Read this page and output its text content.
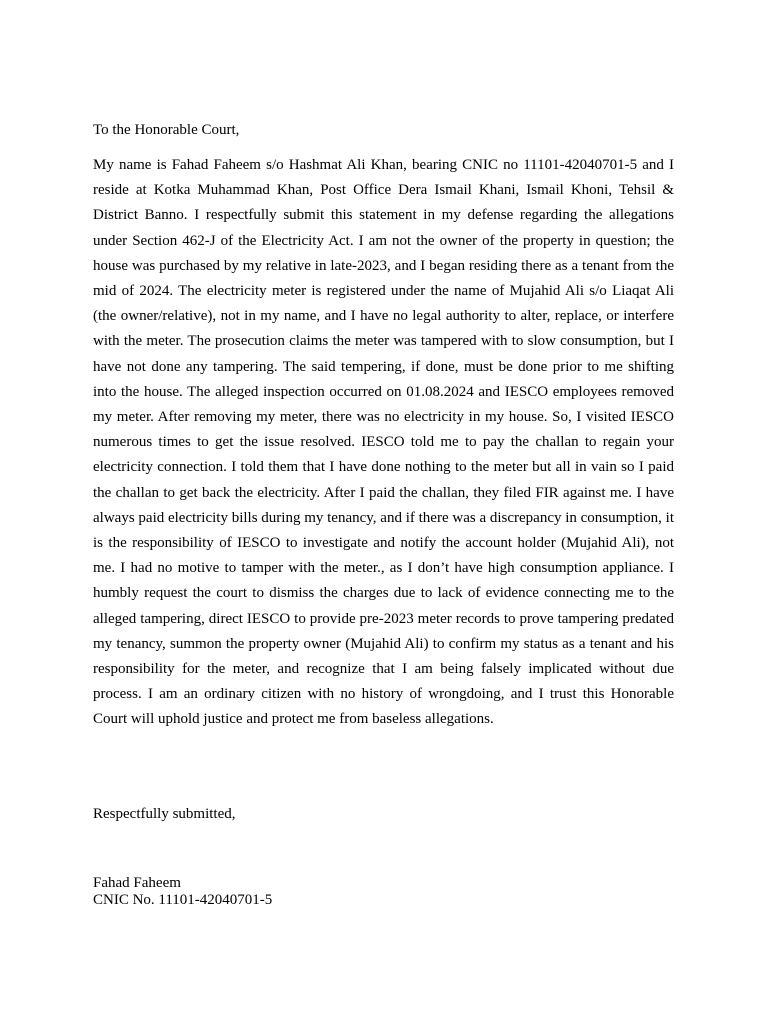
To the Honorable Court,

My name is Fahad Faheem s/o Hashmat Ali Khan, bearing CNIC no 11101-42040701-5 and I reside at Kotka Muhammad Khan, Post Office Dera Ismail Khani, Ismail Khoni, Tehsil & District Banno. I respectfully submit this statement in my defense regarding the allegations under Section 462-J of the Electricity Act. I am not the owner of the property in question; the house was purchased by my relative in late-2023, and I began residing there as a tenant from the mid of 2024. The electricity meter is registered under the name of Mujahid Ali s/o Liaqat Ali (the owner/relative), not in my name, and I have no legal authority to alter, replace, or interfere with the meter. The prosecution claims the meter was tampered with to slow consumption, but I have not done any tampering. The said tempering, if done, must be done prior to me shifting into the house. The alleged inspection occurred on 01.08.2024 and IESCO employees removed my meter. After removing my meter, there was no electricity in my house. So, I visited IESCO numerous times to get the issue resolved. IESCO told me to pay the challan to regain your electricity connection. I told them that I have done nothing to the meter but all in vain so I paid the challan to get back the electricity. After I paid the challan, they filed FIR against me. I have always paid electricity bills during my tenancy, and if there was a discrepancy in consumption, it is the responsibility of IESCO to investigate and notify the account holder (Mujahid Ali), not me. I had no motive to tamper with the meter., as I don’t have high consumption appliance. I humbly request the court to dismiss the charges due to lack of evidence connecting me to the alleged tampering, direct IESCO to provide pre-2023 meter records to prove tampering predated my tenancy, summon the property owner (Mujahid Ali) to confirm my status as a tenant and his responsibility for the meter, and recognize that I am being falsely implicated without due process. I am an ordinary citizen with no history of wrongdoing, and I trust this Honorable Court will uphold justice and protect me from baseless allegations.

Respectfully submitted,

Fahad Faheem
CNIC No. 11101-42040701-5
